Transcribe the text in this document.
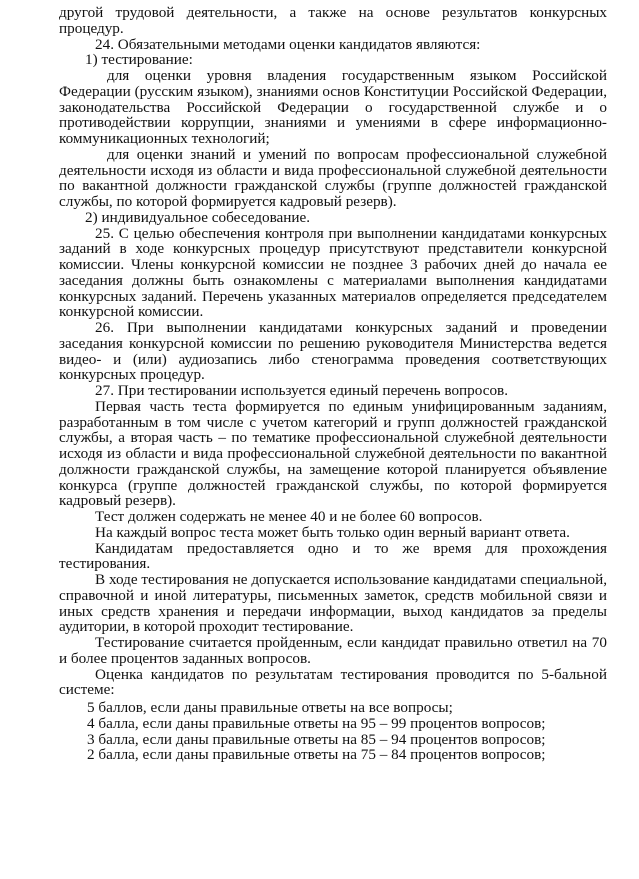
другой трудовой деятельности, а также на основе результатов конкурсных процедур.

24. Обязательными методами оценки кандидатов являются:

1) тестирование:

для оценки уровня владения государственным языком Российской Федерации (русским языком), знаниями основ Конституции Российской Федерации, законодательства Российской Федерации о государственной службе и о противодействии коррупции, знаниями и умениями в сфере информационно-коммуникационных технологий;

для оценки знаний и умений по вопросам профессиональной служебной деятельности исходя из области и вида профессиональной служебной деятельности по вакантной должности гражданской службы (группе должностей гражданской службы, по которой формируется кадровый резерв).

2) индивидуальное собеседование.

25. С целью обеспечения контроля при выполнении кандидатами конкурсных заданий в ходе конкурсных процедур присутствуют представители конкурсной комиссии. Члены конкурсной комиссии не позднее 3 рабочих дней до начала ее заседания должны быть ознакомлены с материалами выполнения кандидатами конкурсных заданий. Перечень указанных материалов определяется председателем конкурсной комиссии.

26. При выполнении кандидатами конкурсных заданий и проведении заседания конкурсной комиссии по решению руководителя Министерства ведется видео- и (или) аудиозапись либо стенограмма проведения соответствующих конкурсных процедур.

27. При тестировании используется единый перечень вопросов.

Первая часть теста формируется по единым унифицированным заданиям, разработанным в том числе с учетом категорий и групп должностей гражданской службы, а вторая часть – по тематике профессиональной служебной деятельности исходя из области и вида профессиональной служебной деятельности по вакантной должности гражданской службы, на замещение которой планируется объявление конкурса (группе должностей гражданской службы, по которой формируется кадровый резерв).

Тест должен содержать не менее 40 и не более 60 вопросов.

На каждый вопрос теста может быть только один верный вариант ответа.

Кандидатам предоставляется одно и то же время для прохождения тестирования.

В ходе тестирования не допускается использование кандидатами специальной, справочной и иной литературы, письменных заметок, средств мобильной связи и иных средств хранения и передачи информации, выход кандидатов за пределы аудитории, в которой проходит тестирование.

Тестирование считается пройденным, если кандидат правильно ответил на 70 и более процентов заданных вопросов.

Оценка кандидатов по результатам тестирования проводится по 5-бальной системе:

5 баллов, если даны правильные ответы на все вопросы;

4 балла, если даны правильные ответы на 95 – 99 процентов вопросов;

3 балла, если даны правильные ответы на 85 – 94 процентов вопросов;

2 балла, если даны правильные ответы на 75 – 84 процентов вопросов;
